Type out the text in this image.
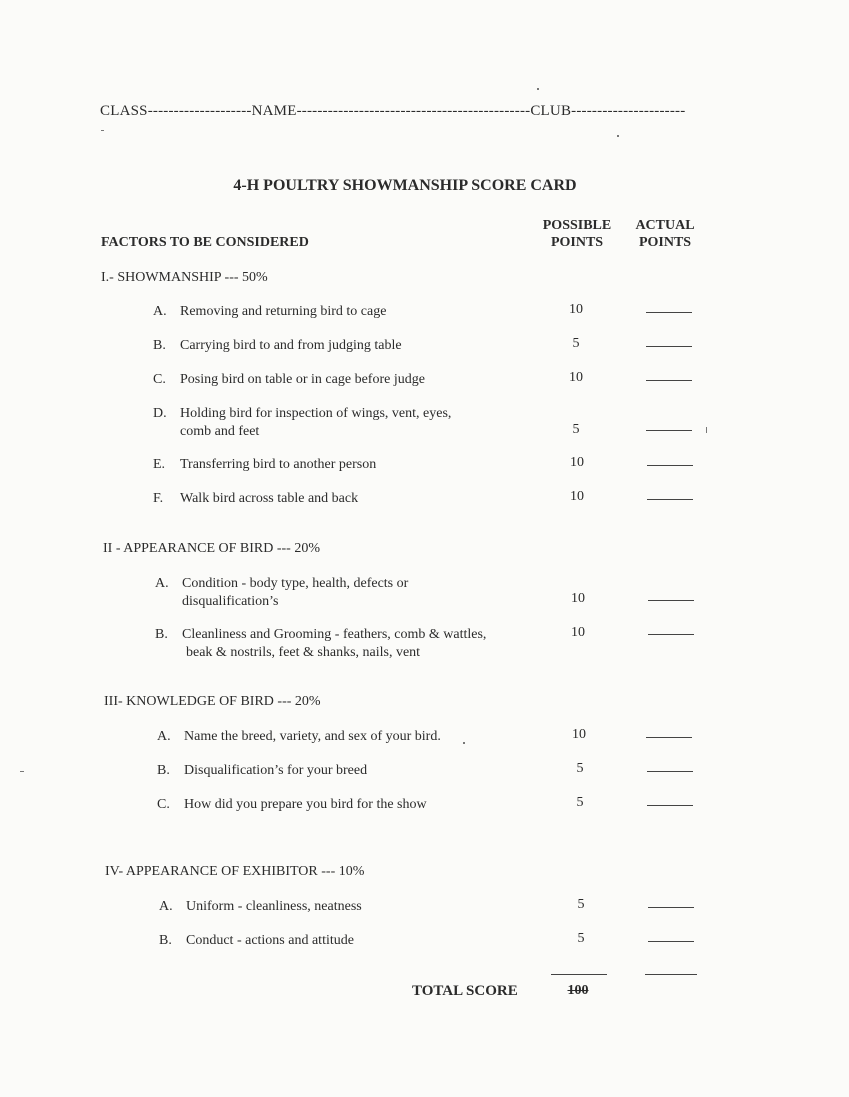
CLASS--------------------NAME---------------------------------------------CLUB----------------------
4-H POULTRY SHOWMANSHIP SCORE CARD
FACTORS TO BE CONSIDERED
POSSIBLE
POINTS
ACTUAL
POINTS
I.- SHOWMANSHIP --- 50%
A. Removing and returning bird to cage	10
B. Carrying bird to and from judging table	5
C. Posing bird on table or in cage before judge	10
D. Holding bird for inspection of wings, vent, eyes,
comb and feet	5
E. Transferring bird to another person	10
F. Walk bird across table and back	10
II - APPEARANCE OF BIRD --- 20%
A. Condition - body type, health, defects or
disqualification’s	10
B. Cleanliness and Grooming - feathers, comb & wattles,
beak & nostrils, feet & shanks, nails, vent
10
III- KNOWLEDGE OF BIRD --- 20%
A. Name the breed, variety, and sex of your bird.	10
B. Disqualification’s for your breed	5
C. How did you prepare you bird for the show	5
IV- APPEARANCE OF EXHIBITOR --- 10%
A. Uniform - cleanliness, neatness	5
B. Conduct - actions and attitude	5
TOTAL SCORE	100
